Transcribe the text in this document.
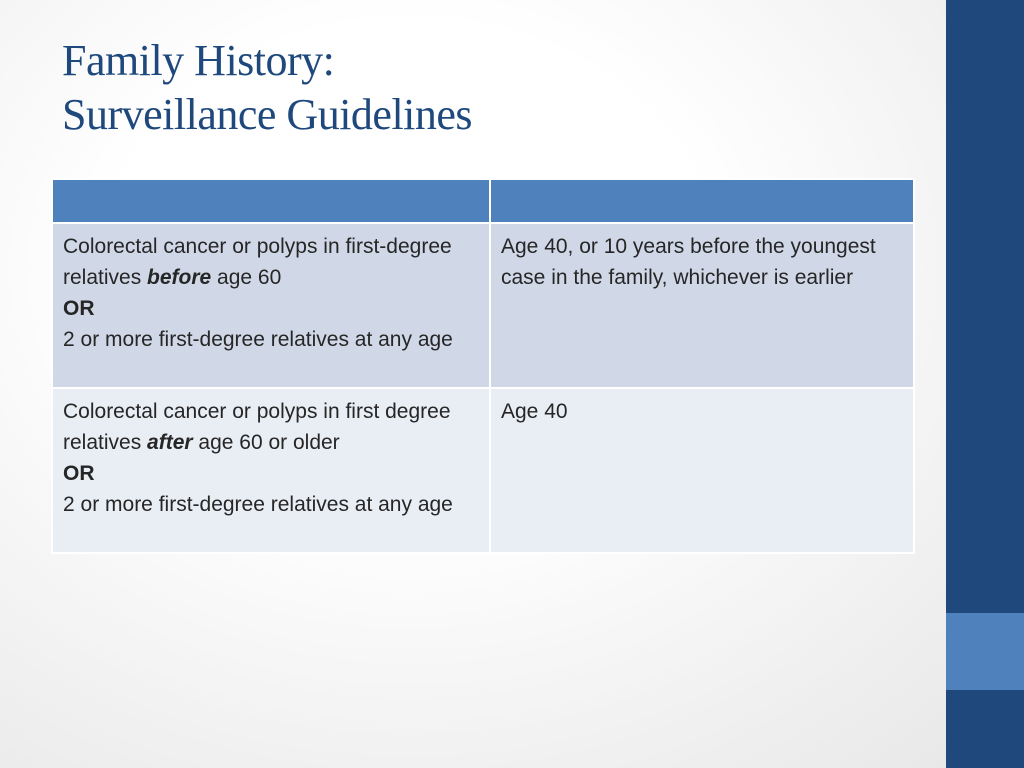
Family History:
Surveillance Guidelines

Colorectal cancer or polyps in first-degree relatives before age 60
OR
2 or more first-degree relatives at any age	Age 40, or 10 years before the youngest case in the family, whichever is earlier

Colorectal cancer or polyps in first degree relatives after age 60 or older
OR
2 or more first-degree relatives at any age	Age 40
